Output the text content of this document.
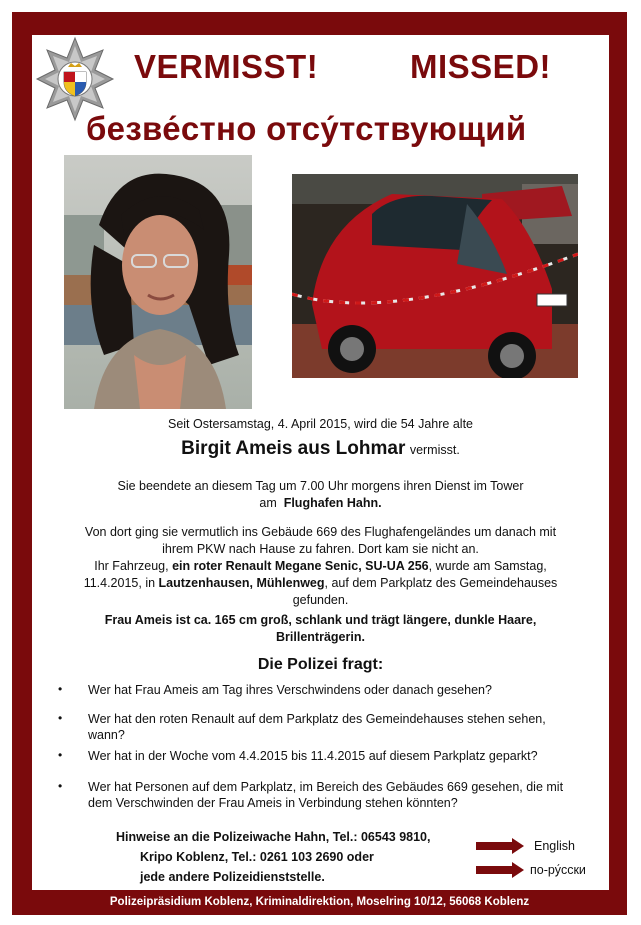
VERMISST!	MISSED!
безве́стно отсу́тствующий
Seit Ostersamstag, 4. April 2015, wird die 54 Jahre alte
Birgit Ameis aus Lohmar vermisst.
Sie beendete an diesem Tag um 7.00 Uhr morgens ihren Dienst im Tower
am Flughafen Hahn.
Von dort ging sie vermutlich ins Gebäude 669 des Flughafengeländes um danach mit
ihrem PKW nach Hause zu fahren. Dort kam sie nicht an.
Ihr Fahrzeug, ein roter Renault Megane Senic, SU-UA 256, wurde am Samstag,
11.4.2015, in Lautzenhausen, Mühlenweg, auf dem Parkplatz des Gemeindehauses
gefunden.
Frau Ameis ist ca. 165 cm groß, schlank und trägt längere, dunkle Haare,
Brillenträgerin.
Die Polizei fragt:
• Wer hat Frau Ameis am Tag ihres Verschwindens oder danach gesehen?
• Wer hat den roten Renault auf dem Parkplatz des Gemeindehauses stehen sehen, wann?
• Wer hat in der Woche vom 4.4.2015 bis 11.4.2015 auf diesem Parkplatz geparkt?
• Wer hat Personen auf dem Parkplatz, im Bereich des Gebäudes 669 gesehen, die mit dem Verschwinden der Frau Ameis in Verbindung stehen könnten?
Hinweise an die Polizeiwache Hahn, Tel.: 06543 9810,
Kripo Koblenz, Tel.: 0261 103 2690 oder
jede andere Polizeidienststelle.
English
по-ру́сски
Polizeipräsidium Koblenz, Kriminaldirektion, Moselring 10/12, 56068 Koblenz
